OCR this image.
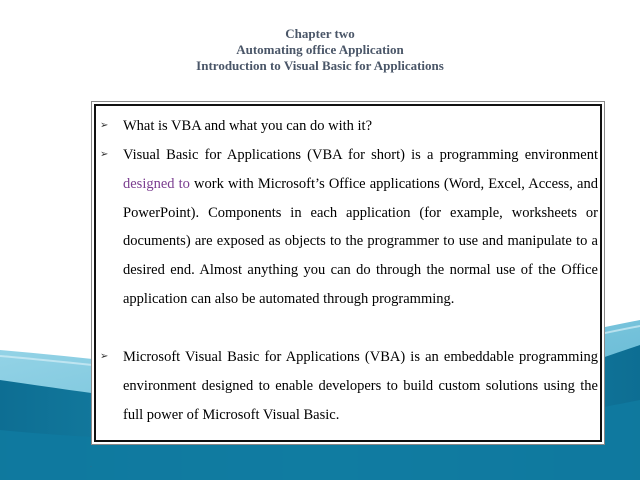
Chapter two
Automating office Application
Introduction to Visual Basic for Applications
➢ What is VBA and what you can do with it?

➢ Visual Basic for Applications (VBA for short) is a programming environment designed to work with Microsoft’s Office applications (Word, Excel, Access, and PowerPoint). Components in each application (for example, worksheets or documents) are exposed as objects to the programmer to use and manipulate to a desired end. Almost anything you can do through the normal use of the Office application can also be automated through programming.

➢ Microsoft Visual Basic for Applications (VBA) is an embeddable programming environment designed to enable developers to build custom solutions using the full power of Microsoft Visual Basic.

.
